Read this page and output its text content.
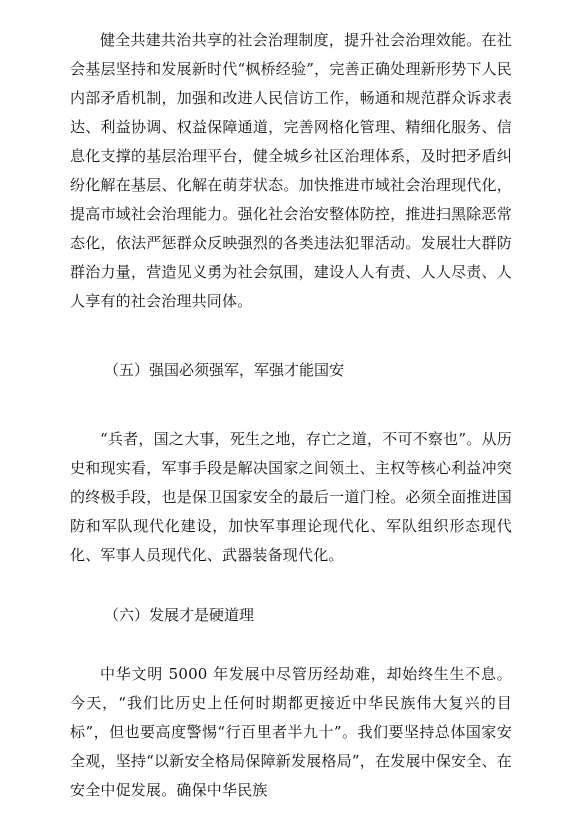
健全共建共治共享的社会治理制度，提升社会治理效能。在社会基层坚持和发展新时代“枫桥经验”，完善正确处理新形势下人民内部矛盾机制，加强和改进人民信访工作，畅通和规范群众诉求表达、利益协调、权益保障通道，完善网格化管理、精细化服务、信息化支撑的基层治理平台，健全城乡社区治理体系，及时把矛盾纠纷化解在基层、化解在萌芽状态。加快推进市域社会治理现代化，提高市域社会治理能力。强化社会治安整体防控，推进扫黑除恶常态化，依法严惩群众反映强烈的各类违法犯罪活动。发展壮大群防群治力量，营造见义勇为社会氛围，建设人人有责、人人尽责、人人享有的社会治理共同体。

（五）强国必须强军，军强才能国安

“兵者，国之大事，死生之地，存亡之道，不可不察也”。从历史和现实看，军事手段是解决国家之间领土、主权等核心利益冲突的终极手段，也是保卫国家安全的最后一道门栓。必须全面推进国防和军队现代化建设，加快军事理论现代化、军队组织形态现代化、军事人员现代化、武器装备现代化。

（六）发展才是硬道理

中华文明 5000 年发展中尽管历经劫难，却始终生生不息。今天，“我们比历史上任何时期都更接近中华民族伟大复兴的目标”，但也要高度警惕“行百里者半九十”。我们要坚持总体国家安全观，坚持“以新安全格局保障新发展格局”，在发展中保安全、在安全中促发展。确保中华民族
